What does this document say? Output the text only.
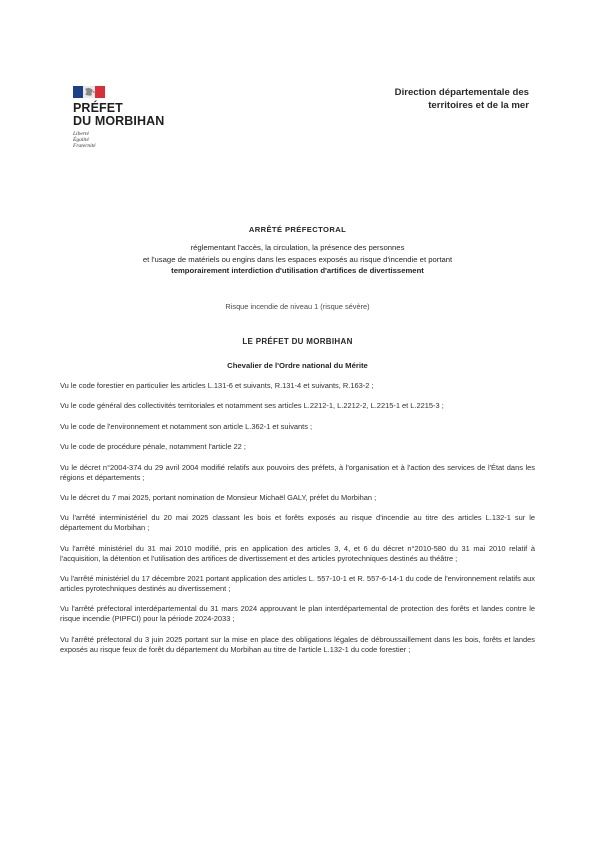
PRÉFET
DU MORBIHAN
Liberté
Égalité
Fraternité
Direction départementale des
territoires et de la mer
ARRÊTÉ PRÉFECTORAL
réglementant l'accès, la circulation, la présence des personnes
et l'usage de matériels ou engins dans les espaces exposés au risque d'incendie et portant
temporairement interdiction d'utilisation d'artifices de divertissement
Risque incendie de niveau 1 (risque sévère)
LE PRÉFET DU MORBIHAN
Chevalier de l'Ordre national du Mérite

Vu le code forestier en particulier les articles L.131-6 et suivants, R.131-4 et suivants, R.163-2 ;

Vu le code général des collectivités territoriales et notamment ses articles L.2212-1, L.2212-2, L.2215-1 et L.2215-3 ;

Vu le code de l'environnement et notamment son article L.362-1 et suivants ;

Vu le code de procédure pénale, notamment l'article 22 ;

Vu le décret n°2004-374 du 29 avril 2004 modifié relatifs aux pouvoirs des préfets, à l'organisation et à l'action des services de l'État dans les régions et départements ;

Vu le décret du 7 mai 2025, portant nomination de Monsieur Michaël GALY, préfet du Morbihan ;

Vu l'arrêté interministériel du 20 mai 2025 classant les bois et forêts exposés au risque d'incendie au titre des articles L.132-1 sur le département du Morbihan ;

Vu l'arrêté ministériel du 31 mai 2010 modifié, pris en application des articles 3, 4, et 6 du décret n°2010-580 du 31 mai 2010 relatif à l'acquisition, la détention et l'utilisation des artifices de divertissement et des articles pyrotechniques destinés au théâtre ;

Vu l'arrêté ministériel du 17 décembre 2021 portant application des articles L. 557-10-1 et R. 557-6-14-1 du code de l'environnement relatifs aux articles pyrotechniques destinés au divertissement ;

Vu l'arrêté préfectoral interdépartemental du 31 mars 2024 approuvant le plan interdépartemental de protection des forêts et landes contre le risque incendie (PIPFCI) pour la période 2024-2033 ;

Vu l'arrêté préfectoral du 3 juin 2025 portant sur la mise en place des obligations légales de débroussaillement dans les bois, forêts et landes exposés au risque feux de forêt du département du Morbihan au titre de l'article L.132-1 du code forestier ;
